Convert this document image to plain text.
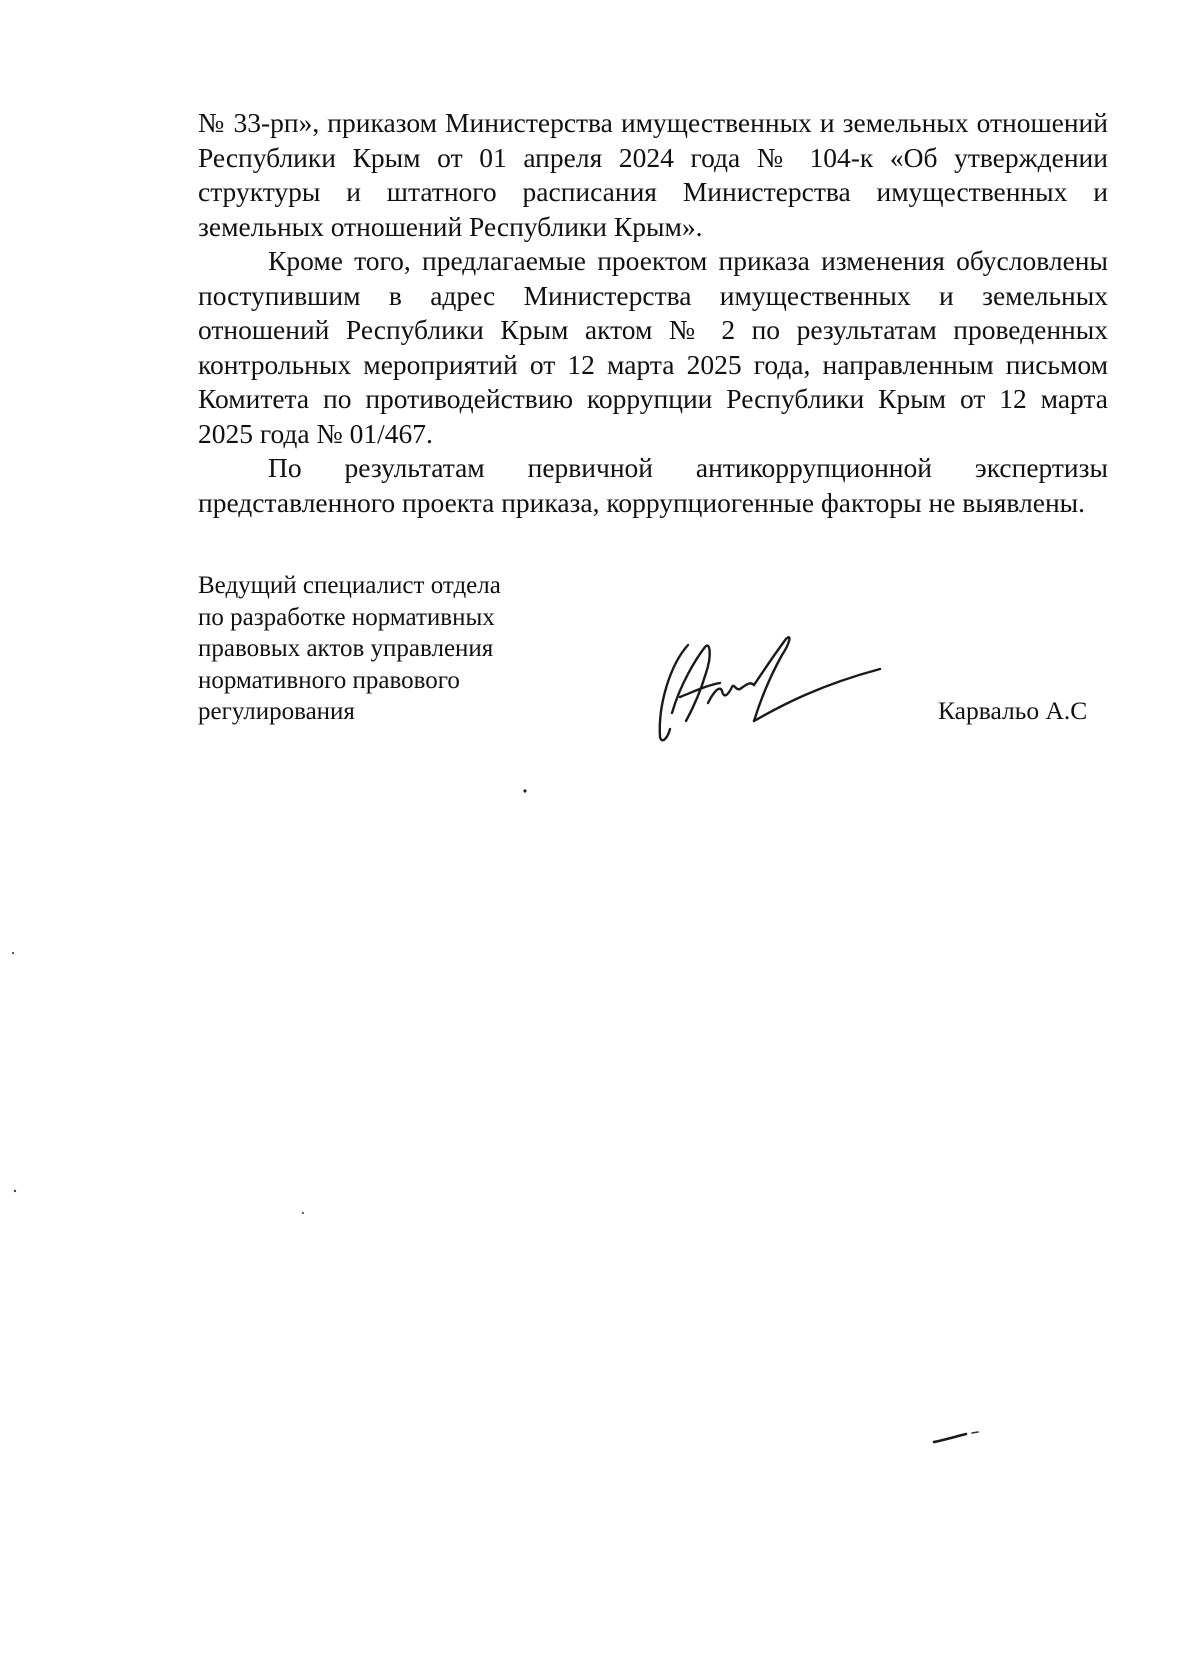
№ 33-рп», приказом Министерства имущественных и земельных отношений Республики Крым от 01 апреля 2024 года № 104-к «Об утверждении структуры и штатного расписания Министерства имущественных и земельных отношений Республики Крым».

Кроме того, предлагаемые проектом приказа изменения обусловлены поступившим в адрес Министерства имущественных и земельных отношений Республики Крым актом № 2 по результатам проведенных контрольных мероприятий от 12 марта 2025 года, направленным письмом Комитета по противодействию коррупции Республики Крым от 12 марта 2025 года № 01/467.

По результатам первичной антикоррупционной экспертизы представленного проекта приказа, коррупциогенные факторы не выявлены.

Ведущий специалист отдела
по разработке нормативных
правовых актов управления
нормативного правового
регулирования	Карвальо А.С
